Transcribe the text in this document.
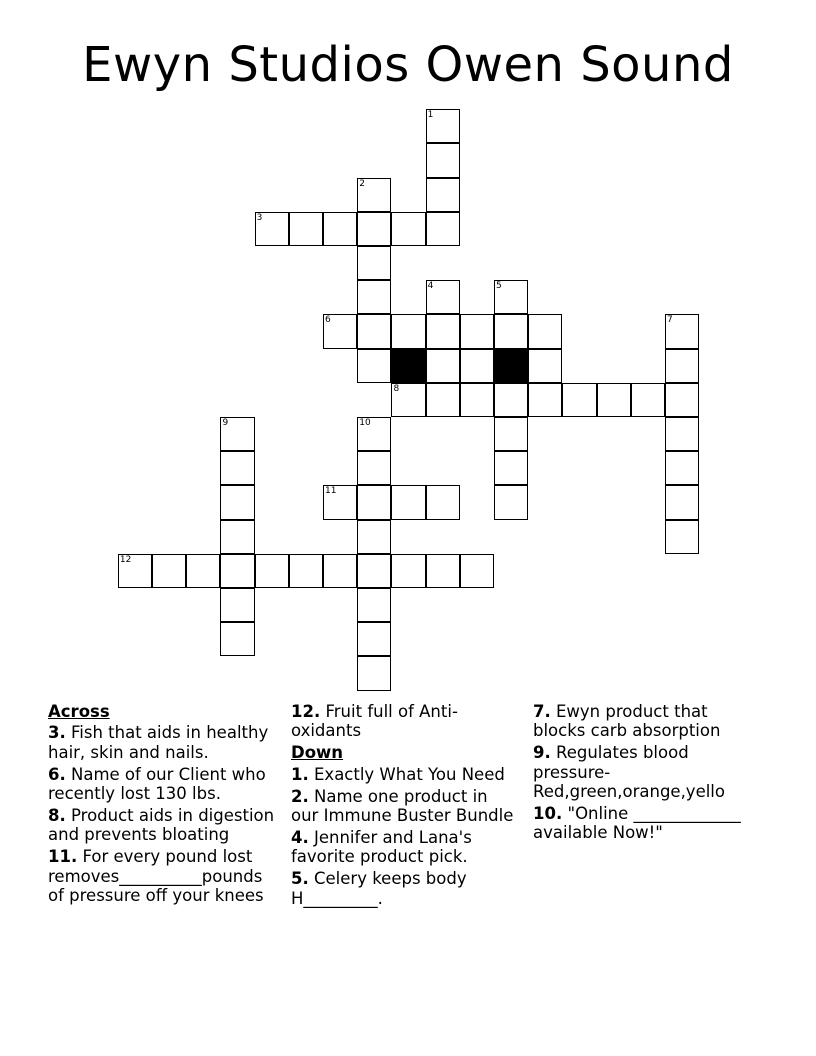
Ewyn Studios Owen Sound
1
2
3
4	5
6	7
8
9	10
11
12
Across
3. Fish that aids in healthy hair, skin and nails.
6. Name of our Client who recently lost 130 lbs.
8. Product aids in digestion and prevents bloating
11. For every pound lost removes__________pounds of pressure off your knees
12. Fruit full of Anti-oxidants
Down
1. Exactly What You Need
2. Name one product in our Immune Buster Bundle
4. Jennifer and Lana's favorite product pick.
5. Celery keeps body H_________.
7. Ewyn product that blocks carb absorption
9. Regulates blood pressure- Red,green,orange,yello
10. "Online _____________ available Now!"
